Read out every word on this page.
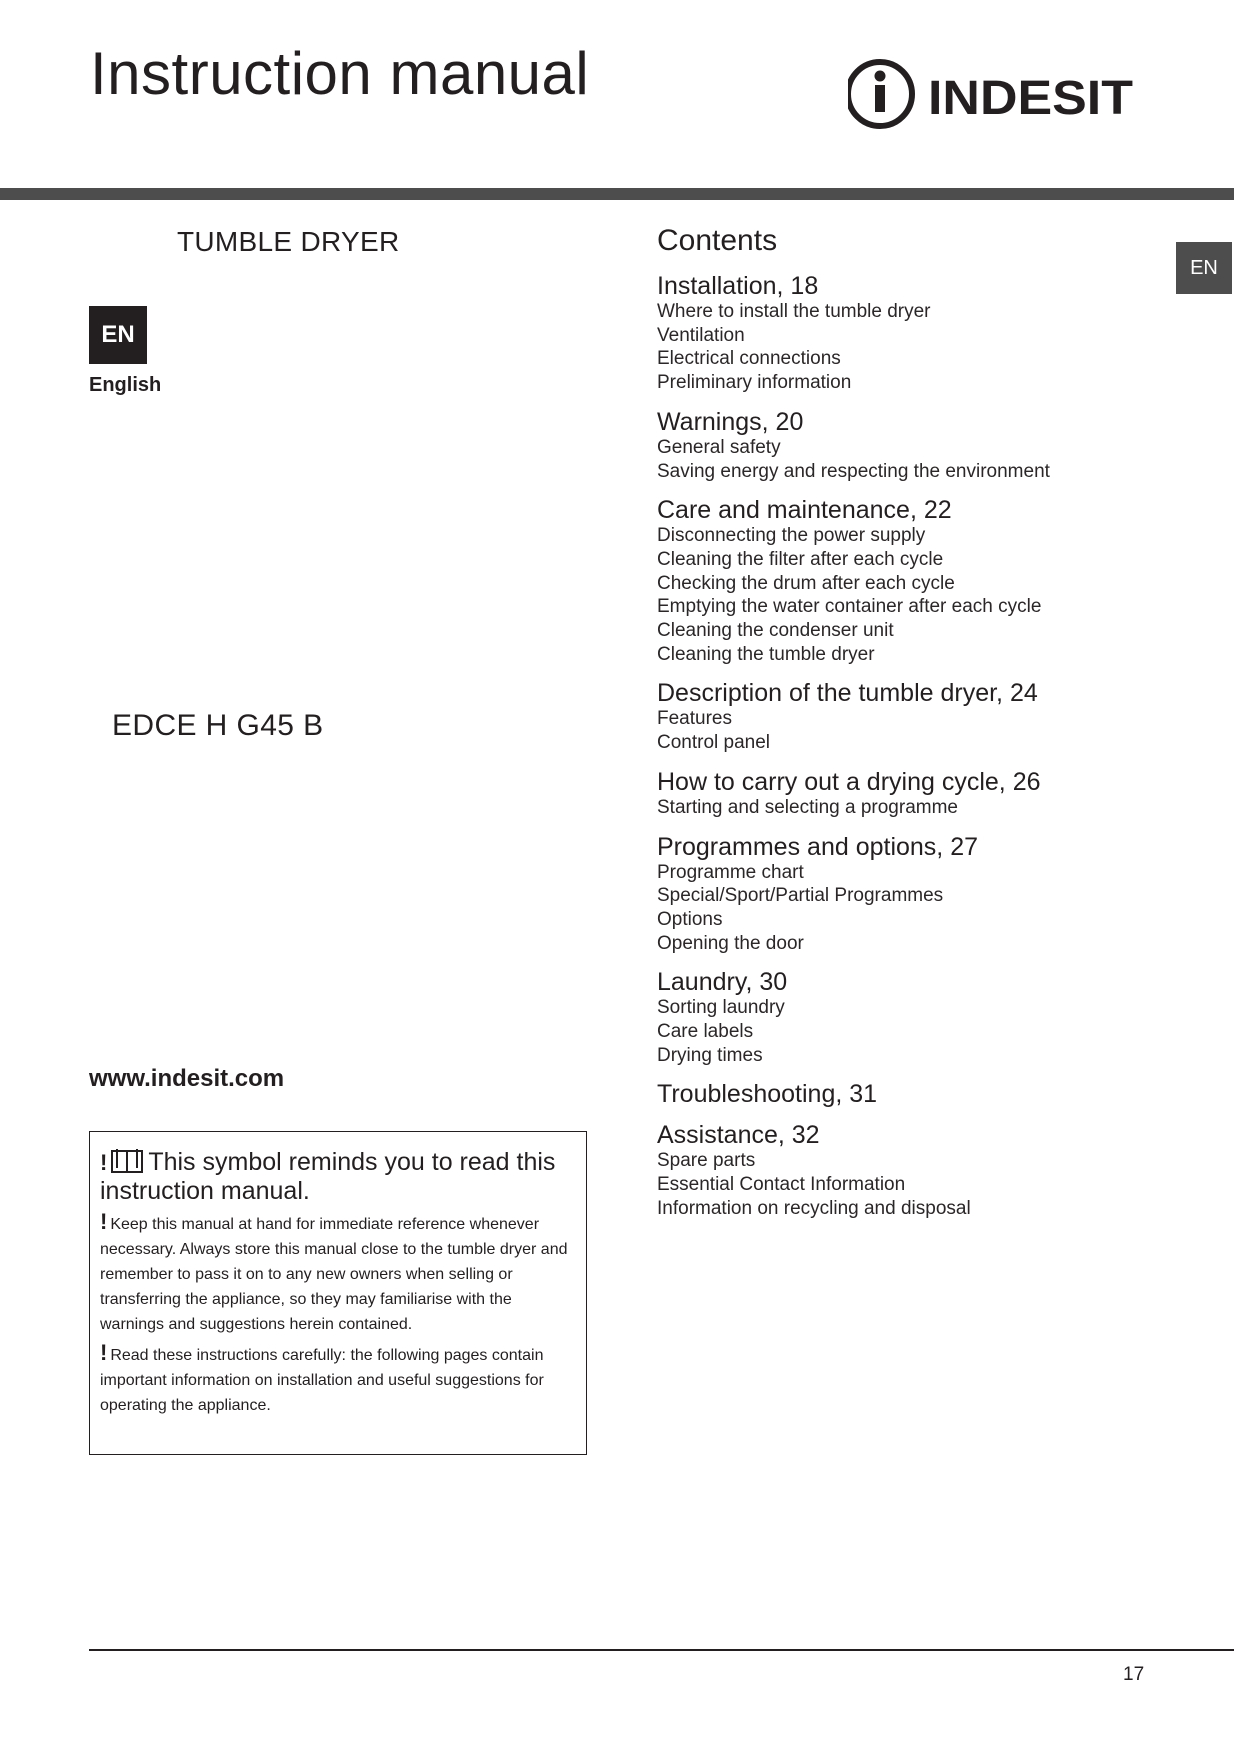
Instruction manual	INDESIT
EN
TUMBLE DRYER
EN
English
EDCE H G45 B
www.indesit.com
! This symbol reminds you to read this instruction manual.
! Keep this manual at hand for immediate reference whenever necessary. Always store this manual close to the tumble dryer and remember to pass it on to any new owners when selling or transferring the appliance, so they may familiarise with the warnings and suggestions herein contained.
! Read these instructions carefully: the following pages contain important information on installation and useful suggestions for operating the appliance.
Contents
Installation, 18
Where to install the tumble dryer
Ventilation
Electrical connections
Preliminary information
Warnings, 20
General safety
Saving energy and respecting the environment
Care and maintenance, 22
Disconnecting the power supply
Cleaning the filter after each cycle
Checking the drum after each cycle
Emptying the water container after each cycle
Cleaning the condenser unit
Cleaning the tumble dryer
Description of the tumble dryer, 24
Features
Control panel
How to carry out a drying cycle, 26
Starting and selecting a programme
Programmes and options, 27
Programme chart
Special/Sport/Partial Programmes
Options
Opening the door
Laundry, 30
Sorting laundry
Care labels
Drying times
Troubleshooting, 31
Assistance, 32
Spare parts
Essential Contact Information
Information on recycling and disposal
17
